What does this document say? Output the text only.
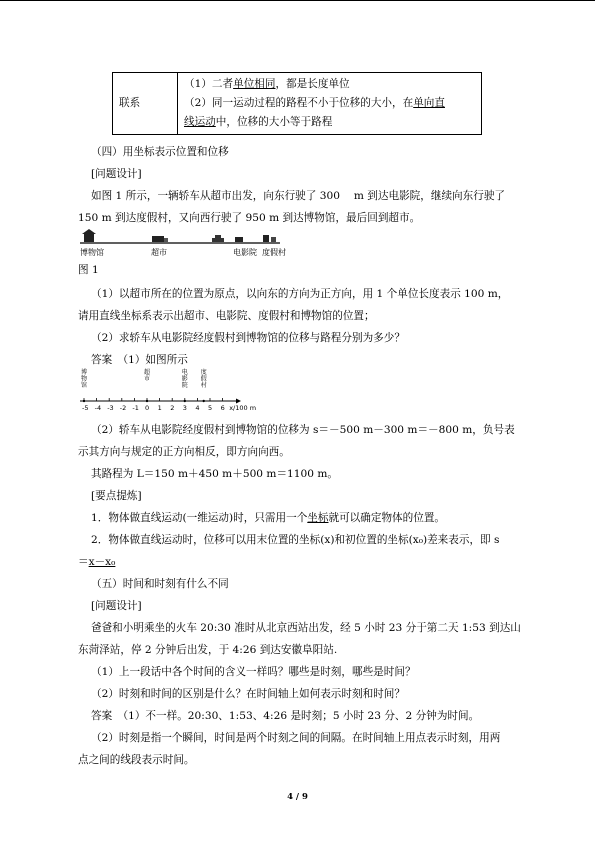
联系	
（1）二者单位相同，都是长度单位
（2）同一运动过程的路程不小于位移的大小，在单向直
线运动中，位移的大小等于路程
（四）用坐标表示位置和位移
[问题设计]
如图 1 所示，一辆轿车从超市出发，向东行驶了 300　 m 到达电影院，继续向东行驶了
150 m 到达度假村，又向西行驶了 950 m 到达博物馆，最后回到超市。
博物馆	超市	电影院 度假村
图 1
（1）以超市所在的位置为原点，以向东的方向为正方向，用 1 个单位长度表示 100 m，
请用直线坐标系表示出超市、电影院、度假村和博物馆的位置；
（2）求轿车从电影院经度假村到博物馆的位移与路程分别为多少？
答案　（1）如图所示
-5 -4 -3 -2 -1 0 1 2 3 4 5 6 x/100 m
博物馆
超市
电影院
度假村
（2）轿车从电影院经度假村到博物馆的位移为 s＝－500 m－300 m＝－800 m，负号表
示其方向与规定的正方向相反，即方向向西。
其路程为 L＝150 m＋450 m＋500 m＝1100 m。
[要点提炼]
1．物体做直线运动(一维运动)时，只需用一个坐标就可以确定物体的位置。
2．物体做直线运动时，位移可以用末位置的坐标(x)和初位置的坐标(x₀)差来表示，即 s
＝x－x₀
（五）时间和时刻有什么不同
[问题设计]
爸爸和小明乘坐的火车 20:30 准时从北京西站出发，经 5 小时 23 分于第二天 1:53 到达山
东菏泽站，停 2 分钟后出发，于 4:26 到达安徽阜阳站.
（1）上一段话中各个时间的含义一样吗？哪些是时刻，哪些是时间？
（2）时刻和时间的区别是什么？在时间轴上如何表示时刻和时间？
答案　（1）不一样。20:30、1:53、4:26 是时刻；5 小时 23 分、2 分钟为时间。
（2）时刻是指一个瞬间，时间是两个时刻之间的间隔。在时间轴上用点表示时刻，用两
点之间的线段表示时间。
4 / 9
